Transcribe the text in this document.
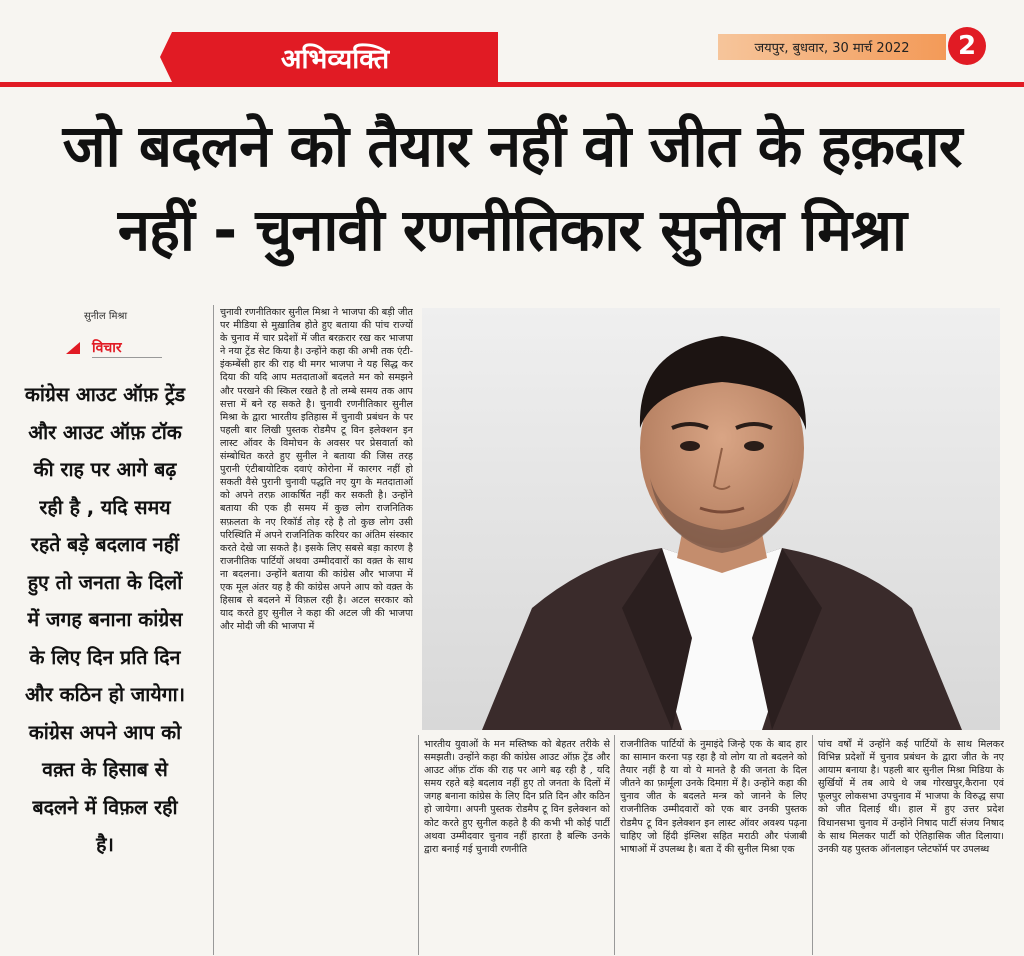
अभिव्यक्ति	जयपुर, बुधवार, 30 मार्च 2022	2
जो बदलने को तैयार नहीं वो जीत के हक़दार
नहीं - चुनावी रणनीतिकार सुनील मिश्रा
सुनील मिश्रा
विचार
कांग्रेस आउट ऑफ़ ट्रेंड
और आउट ऑफ़ टॉक
की राह पर आगे बढ़
रही है , यदि समय
रहते बड़े बदलाव नहीं
हुए तो जनता के दिलों
में जगह बनाना कांग्रेस
के लिए दिन प्रति दिन
और कठिन हो जायेगा।
कांग्रेस अपने आप को
वक़्त के हिसाब से
बदलने में विफ़ल रही
है।
चुनावी रणनीतिकार सुनील मिश्रा ने भाजपा की बड़ी जीत पर मीडिया से मुख़ातिब होते हुए बताया की पांच राज्यों के चुनाव में चार प्रदेशों में जीत बरक़रार रख कर भाजपा ने नया ट्रेंड सेट किया है। उन्होंने कहा की अभी तक एंटी-इंकम्बेंसी हार की राह थी मगर भाजपा ने यह सिद्ध कर दिया की यदि आप मतदाताओं बदलते मन को समझने और परखने की स्किल रखते है तो लम्बे समय तक आप सत्ता में बने रह सकते है। चुनावी रणनीतिकार सुनील मिश्रा के द्वारा भारतीय इतिहास में चुनावी प्रबंधन के पर पहली बार लिखी पुस्तक रोडमैप टू विन इलेक्शन इन लास्ट ऑवर के विमोचन के अवसर पर प्रेसवार्ता को संम्बोधित करते हुए सुनील ने बताया की जिस तरह पुरानी एंटीबायोटिक दवाएं कोरोना में कारगर नहीं हो सकती वैसे पुरानी चुनावी पद्धति नए युग के मतदाताओं को अपने तरफ़ आकर्षित नहीं कर सकती है। उन्होंने बताया की एक ही समय में कुछ लोग राजनितिक सफ़लता के नए रिकॉर्ड तोड़ रहे है तो कुछ लोग उसी परिस्थिति में अपने राजनितिक करियर का अंतिम संस्कार करते देखे जा सकते है। इसके लिए सबसे बड़ा कारण है राजनीतिक पार्टियों अथवा उम्मीदवारों का वक़्त के साथ ना बदलना। उन्होंने बताया की कांग्रेस और भाजपा में एक मूल अंतर यह है की कांग्रेस अपने आप को वक़्त के हिसाब से बदलने में विफ़ल रही है। अटल सरकार को याद करते हुए सुनील ने कहा की अटल जी की भाजपा और मोदी जी की भाजपा में
भारतीय युवाओं के मन मस्तिष्क को बेहतर तरीके से समझती। उन्होंने कहा की कांग्रेस आउट ऑफ़ ट्रेंड और आउट ऑफ़ टॉक की राह पर आगे बढ़ रही है , यदि समय रहते बड़े बदलाव नहीं हुए तो जनता के दिलों में जगह बनाना कांग्रेस के लिए दिन प्रति दिन और कठिन हो जायेगा। अपनी पुस्तक रोडमैप टू विन इलेक्शन को कोट करते हुए सुनील कहते है की कभी भी कोई पार्टी अथवा उम्मीदवार चुनाव नहीं हारता है बल्कि उनके द्वारा बनाई गई चुनावी रणनीति
राजनीतिक पार्टियों के नुमाइंदे जिन्हे एक के बाद हार का सामान करना पड़ रहा है वो लोग या तो बदलने को तैयार नहीं है या वो ये मानते है की जनता के दिल जीतने का फ़ार्मूला उनके दिमाग़ में है। उन्होंने कहा की चुनाव जीत के बदलते मन्त्र को जानने के लिए राजनीतिक उम्मीदवारों को एक बार उनकी पुस्तक रोडमैप टू विन इलेक्शन इन लास्ट ऑवर अवश्य पढ़ना चाहिए जो हिंदी इंग्लिश सहित मराठी और पंजाबी भाषाओं में उपलब्ध है। बता दें की सुनील मिश्रा एक
पांच वर्षों में उन्होंने कई पार्टियों के साथ मिलकर विभिन्न प्रदेशों में चुनाव प्रबंधन के द्वारा जीत के नए आयाम बनाया है। पहली बार सुनील मिश्रा मिडिया के सुर्खियों में तब आये थे जब गोरखपुर,कैराना एवं फूलपुर लोकसभा उपचुनाव में भाजपा के विरुद्ध सपा को जीत दिलाई थी। हाल में हुए उत्तर प्रदेश विधानसभा चुनाव में उन्होंने निषाद पार्टी संजय निषाद के साथ मिलकर पार्टी को ऐतिहासिक जीत दिलाया। उनकी यह पुस्तक ऑनलाइन प्लेटफॉर्म पर उपलब्ध
